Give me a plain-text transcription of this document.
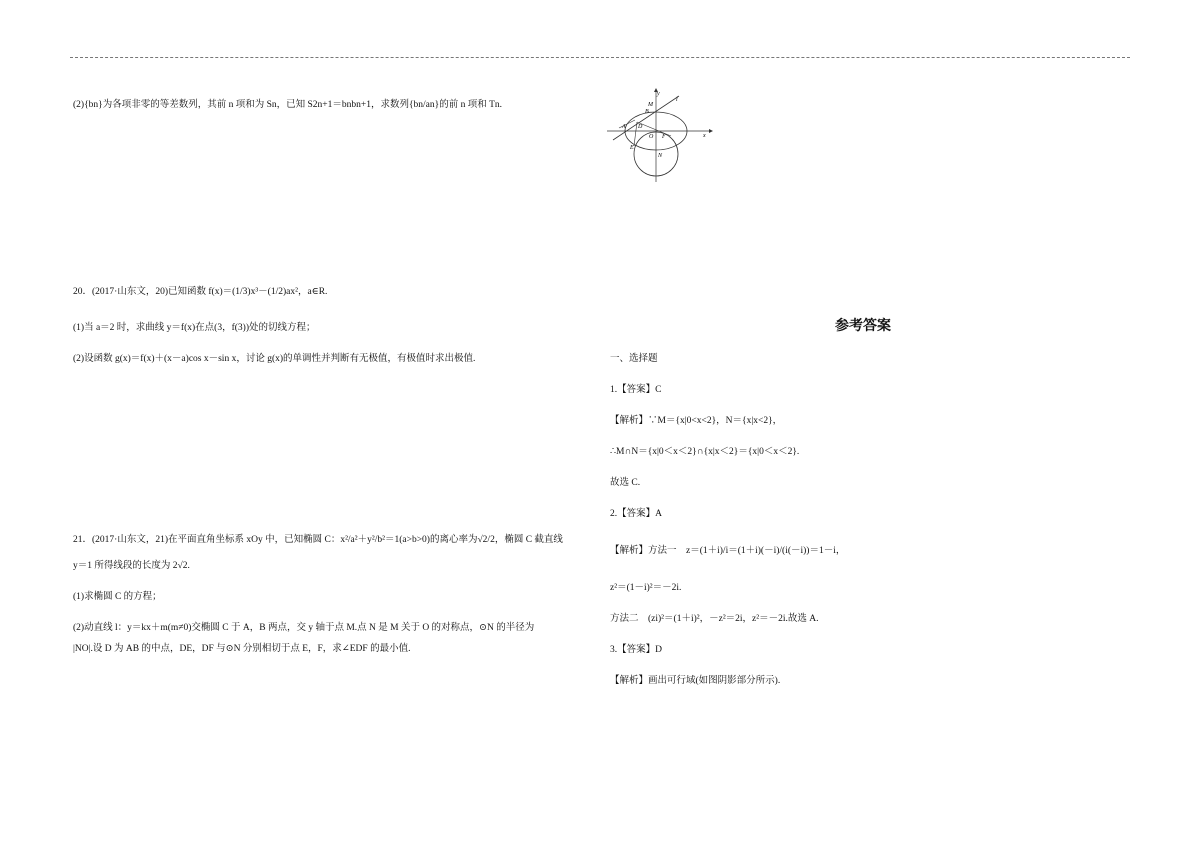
(2){bn}为各项非零的等差数列，其前 n 项和为 Sn，已知 S2n+1＝bnbn+1，求数列{bn/an}的前 n 项和 Tn.
20．(2017·山东文，20)已知函数 f(x)＝(1/3)x³－(1/2)ax²，a∈R.
(1)当 a＝2 时，求曲线 y＝f(x)在点(3，f(3))处的切线方程；
(2)设函数 g(x)＝f(x)＋(x－a)cos x－sin x，讨论 g(x)的单调性并判断有无极值，有极值时求出极值.
21．(2017·山东文，21)在平面直角坐标系 xOy 中，已知椭圆 C：x²/a²＋y²/b²＝1(a>b>0)的离心率为√2/2，椭圆 C 截直线
y＝1 所得线段的长度为 2√2.
(1)求椭圆 C 的方程；
(2)动直线 l：y＝kx＋m(m≠0)交椭圆 C 于 A，B 两点，交 y 轴于点 M.点 N 是 M 关于 O 的对称点，⊙N 的半径为
|NO|.设 D 为 AB 的中点，DE，DF 与⊙N 分别相切于点 E，F，求∠EDF 的最小值.
y
l
M
B
A D
O F	x
E
N
参考答案
一、选择题
1.【答案】C
【解析】∵M＝{x|0<x<2}，N＝{x|x<2}，
∴M∩N＝{x|0＜x＜2}∩{x|x＜2}＝{x|0＜x＜2}.
故选 C.
2.【答案】A
【解析】方法一　z＝(1＋i)/i＝(1＋i)(－i)/(i(－i))＝1－i，
z²＝(1－i)²＝－2i.
方法二　(zi)²＝(1＋i)²，－z²＝2i，z²＝－2i.故选 A.
3.【答案】D
【解析】画出可行域(如图阴影部分所示).
